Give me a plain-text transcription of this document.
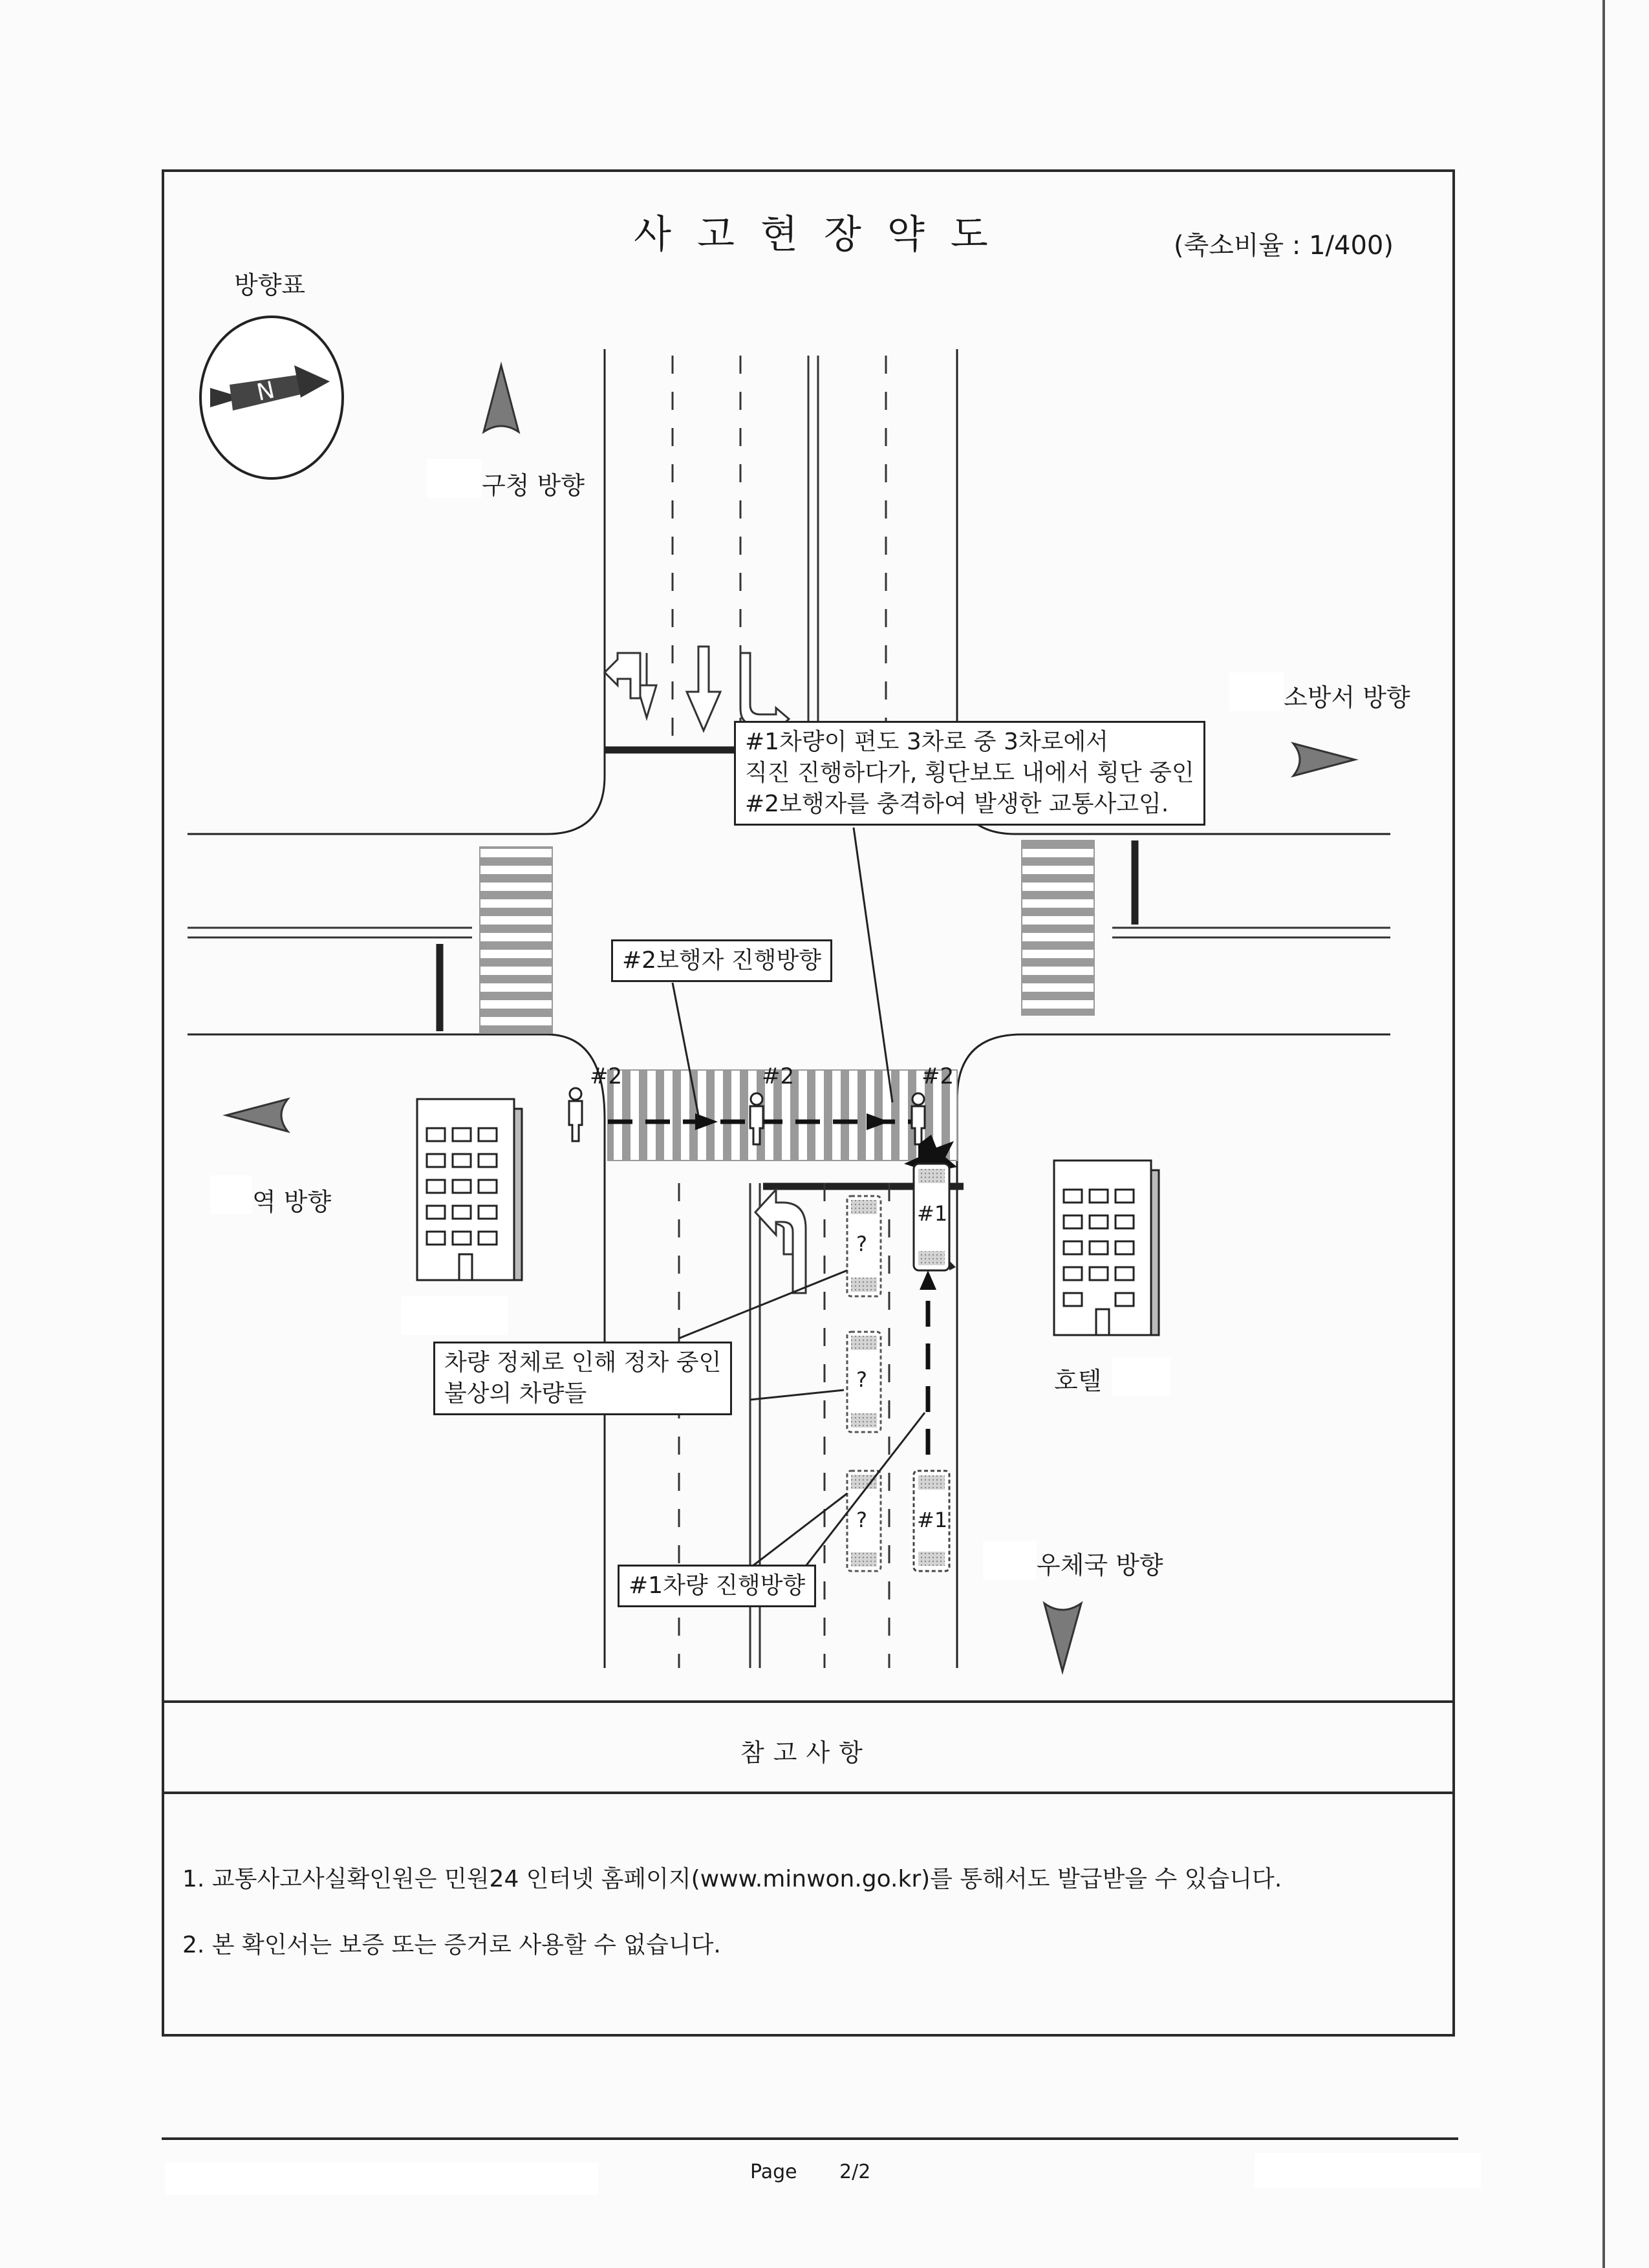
N
사고현장약도	(축소비율 : 1/400)
방향표
구청 방향
소방서 방향
역 방향
우체국 방향
호텔
#2	#2	#2
#1
#1
?
?
?
#1차량이 편도 3차로 중 3차로에서
직진 진행하다가, 횡단보도 내에서 횡단 중인
#2보행자를 충격하여 발생한 교통사고임.
#2보행자 진행방향
차량 정체로 인해 정차 중인
불상의 차량들
#1차량 진행방향
참고사항
1. 교통사고사실확인원은 민원24 인터넷 홈페이지(www.minwon.go.kr)를 통해서도 발급받을 수 있습니다.
2. 본 확인서는 보증 또는 증거로 사용할 수 없습니다.
Page 2/2
